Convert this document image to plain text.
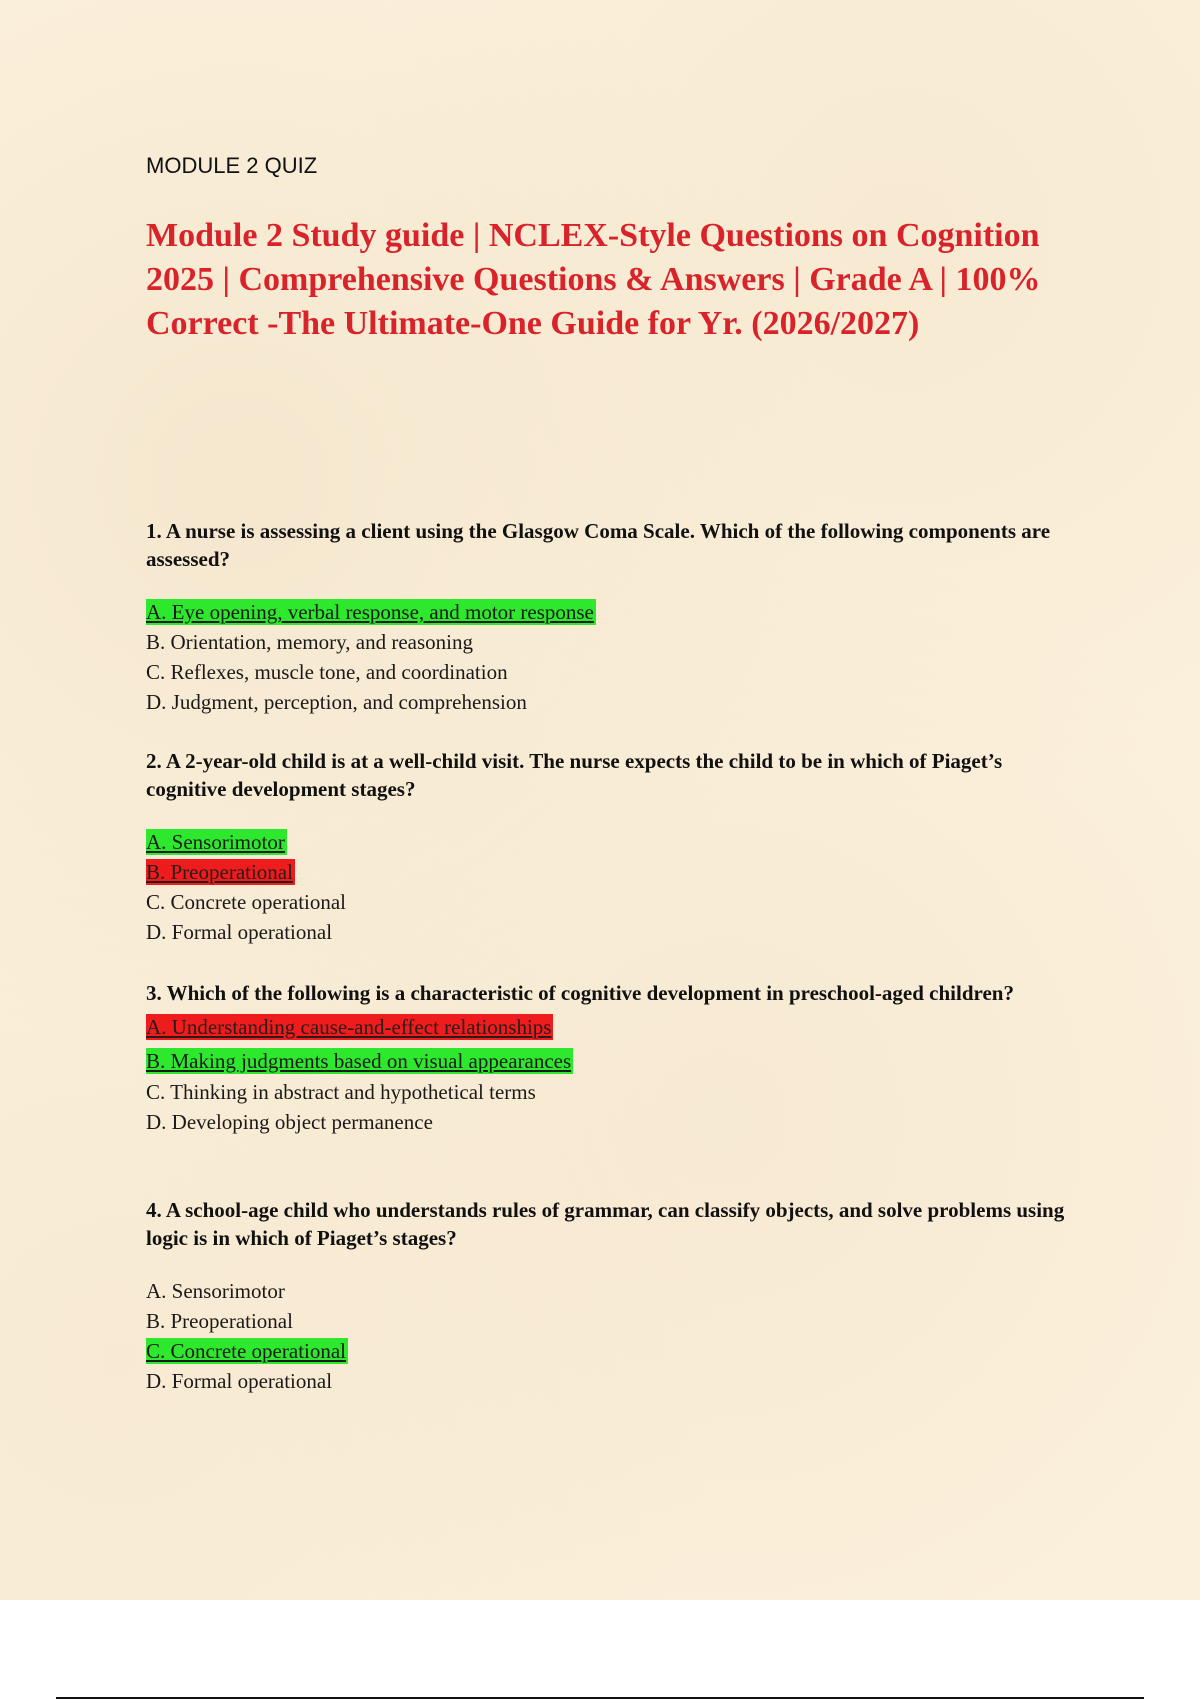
MODULE 2 QUIZ

Module 2 Study guide | NCLEX-Style Questions on Cognition 2025 | Comprehensive Questions & Answers | Grade A | 100% Correct -The Ultimate-One Guide for Yr. (2026/2027)

1. A nurse is assessing a client using the Glasgow Coma Scale. Which of the following components are assessed?

A. Eye opening, verbal response, and motor response
B. Orientation, memory, and reasoning
C. Reflexes, muscle tone, and coordination
D. Judgment, perception, and comprehension

2. A 2-year-old child is at a well-child visit. The nurse expects the child to be in which of Piaget’s cognitive development stages?

A. Sensorimotor
B. Preoperational
C. Concrete operational
D. Formal operational

3. Which of the following is a characteristic of cognitive development in preschool-aged children?

A. Understanding cause-and-effect relationships
B. Making judgments based on visual appearances
C. Thinking in abstract and hypothetical terms
D. Developing object permanence

4. A school-age child who understands rules of grammar, can classify objects, and solve problems using logic is in which of Piaget’s stages?

A. Sensorimotor
B. Preoperational
C. Concrete operational
D. Formal operational
